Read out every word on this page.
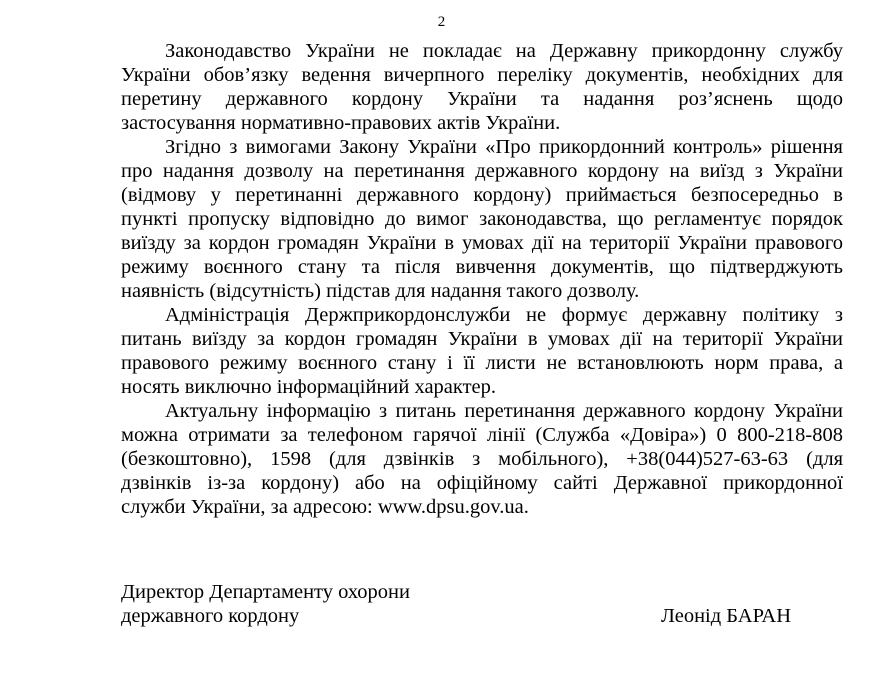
2
Законодавство України не покладає на Державну прикордонну службу
України обов’язку ведення вичерпного переліку документів, необхідних для
перетину державного кордону України та надання роз’яснень щодо
застосування нормативно-правових актів України.
Згідно з вимогами Закону України «Про прикордонний контроль» рішення
про надання дозволу на перетинання державного кордону на виїзд з України
(відмову у перетинанні державного кордону) приймається безпосередньо в
пункті пропуску відповідно до вимог законодавства, що регламентує порядок
виїзду за кордон громадян України в умовах дії на території України правового
режиму воєнного стану та після вивчення документів, що підтверджують
наявність (відсутність) підстав для надання такого дозволу.
Адміністрація Держприкордонслужби не формує державну політику з
питань виїзду за кордон громадян України в умовах дії на території України
правового режиму воєнного стану і її листи не встановлюють норм права, а
носять виключно інформаційний характер.
Актуальну інформацію з питань перетинання державного кордону України
можна отримати за телефоном гарячої лінії (Служба «Довіра») 0 800-218-808
(безкоштовно), 1598 (для дзвінків з мобільного), +38(044)527-63-63 (для
дзвінків із-за кордону) або на офіційному сайті Державної прикордонної
служби України, за адресою: www.dpsu.gov.ua.
Директор Департаменту охорони
державного кордону	Леонід БАРАН
